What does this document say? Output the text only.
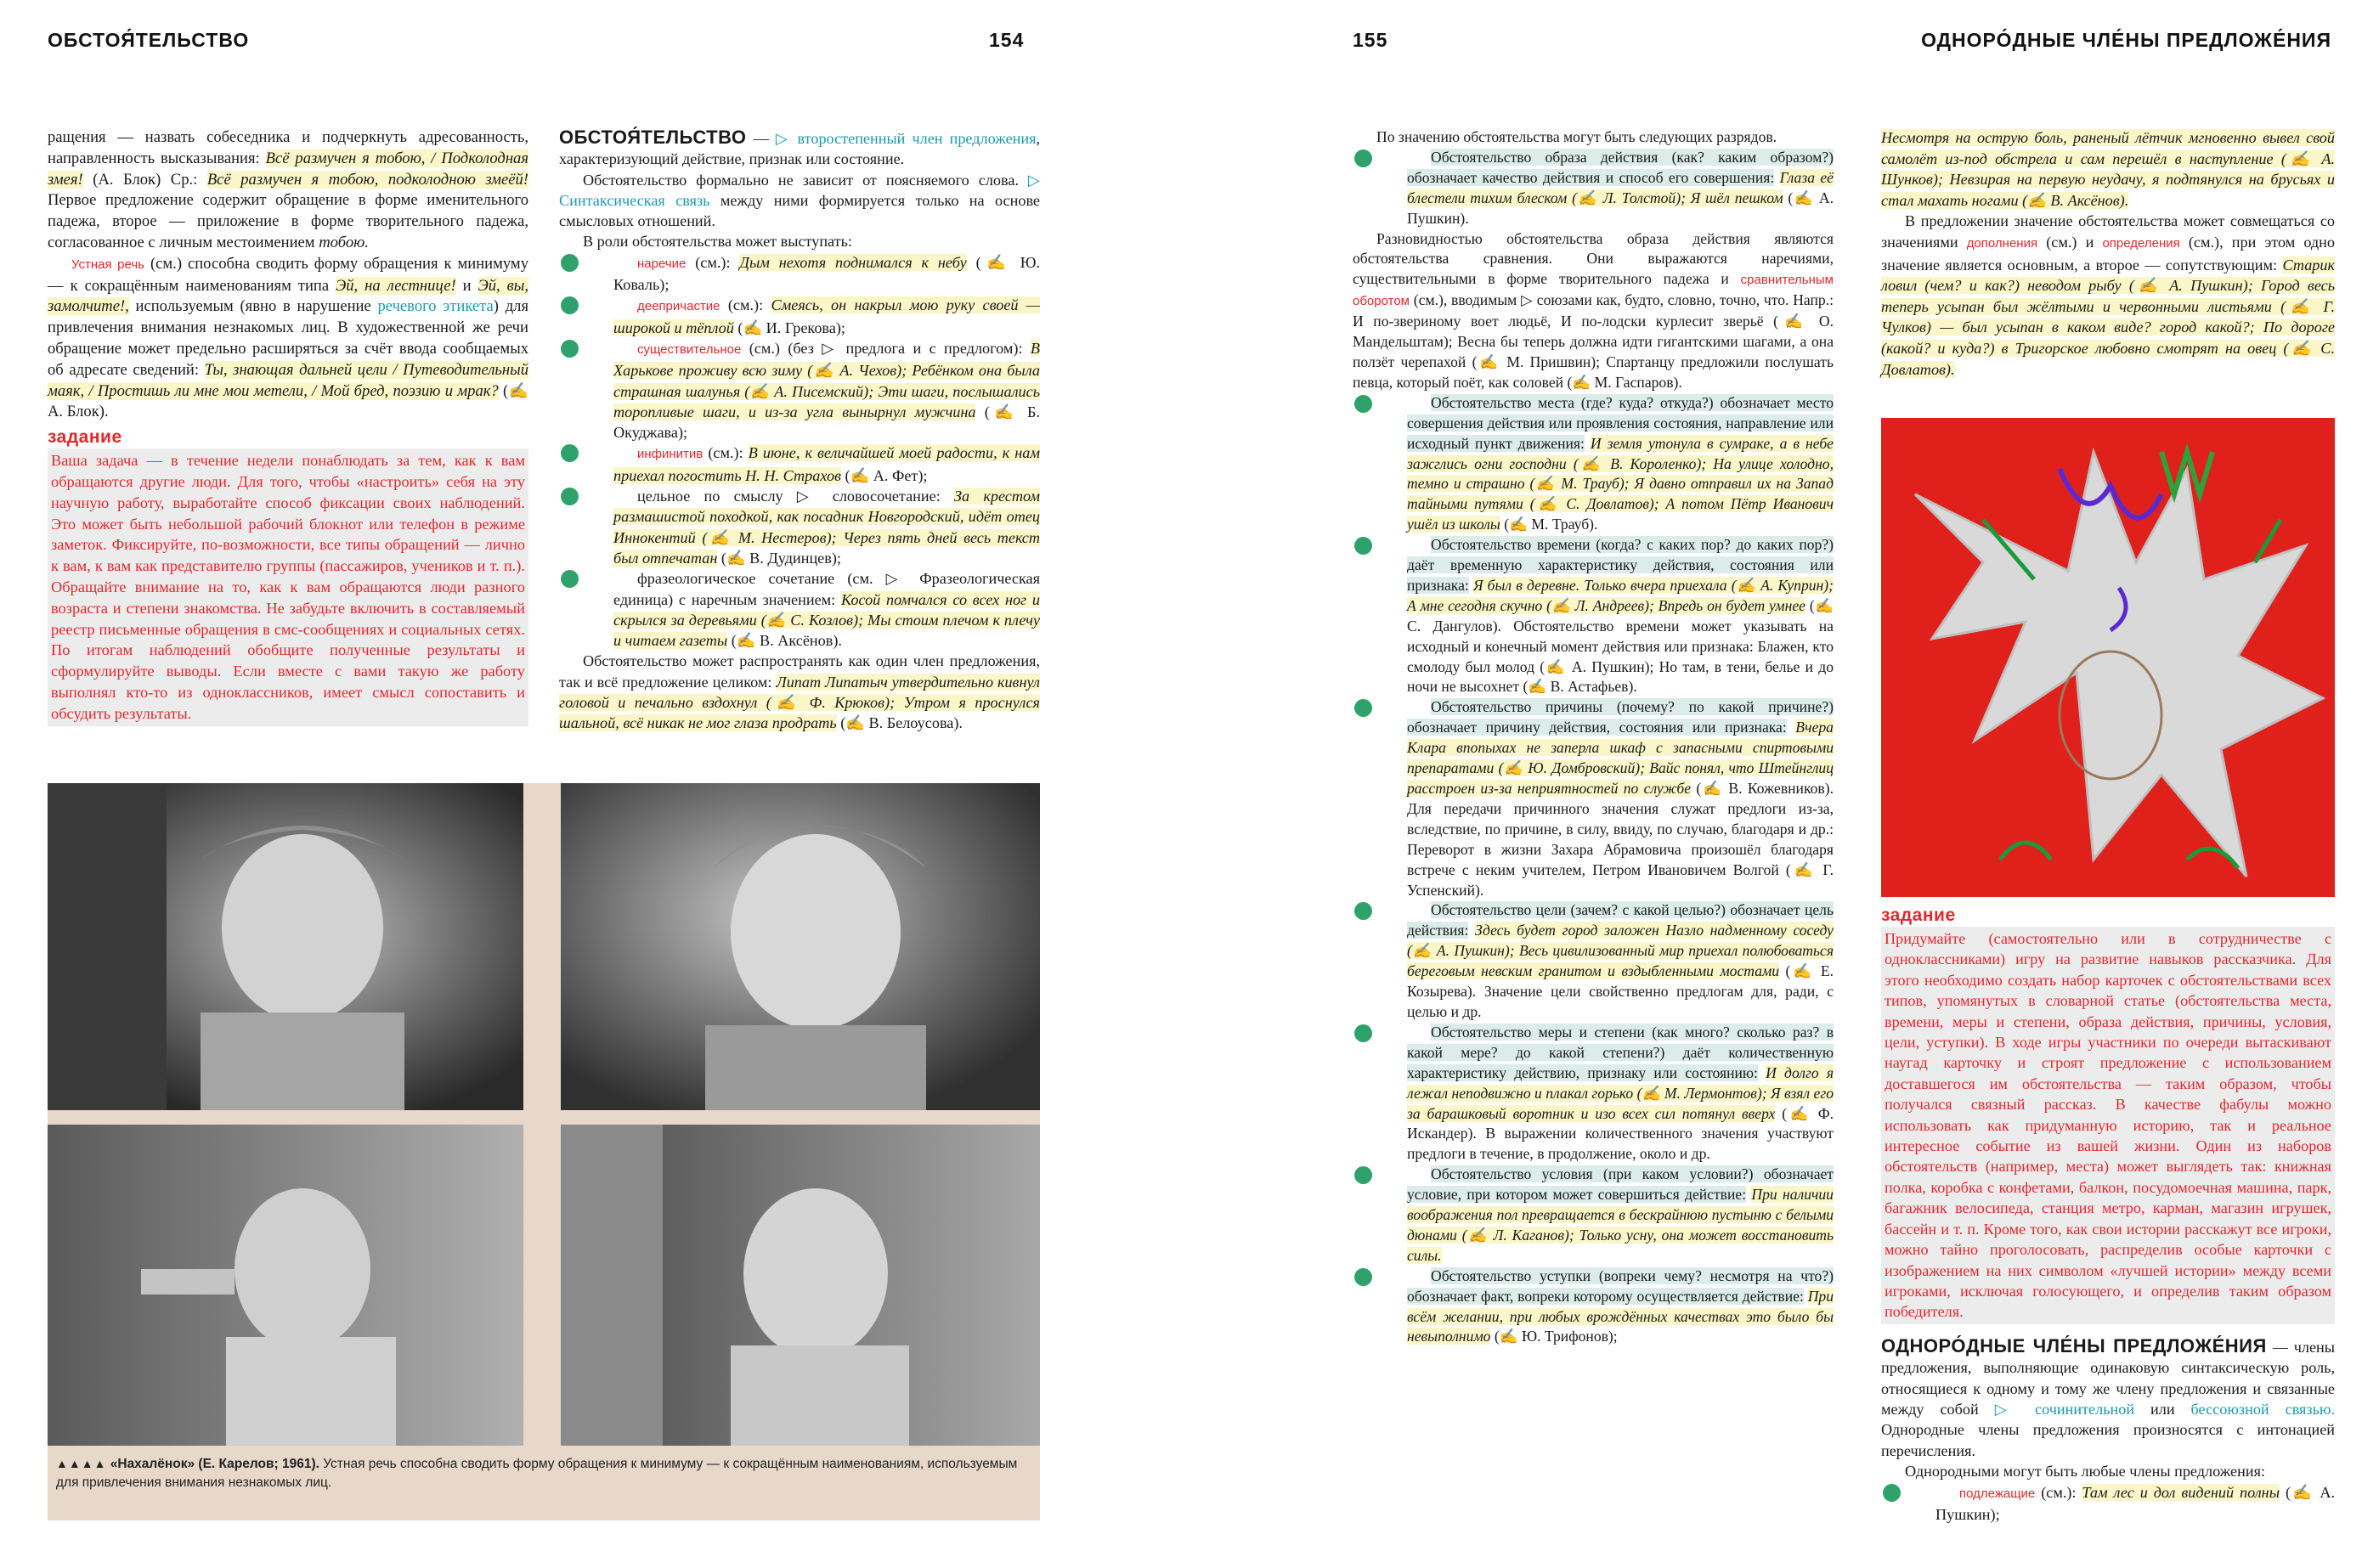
ОБСТОЯ́ТЕЛЬСТВО	154

ращения — назвать собеседника и подчеркнуть адресованность, направленность высказывания: Всё размучен я тобою, / Подколодная змея! (А. Блок) Ср.: Всё размучен я тобою, подколодною змеёй! Первое предложение содержит обращение в форме именительного падежа, второе — приложение в форме творительного падежа, согласованное с личным местоимением тобою.

Устная речь (см.) способна сводить форму обращения к минимуму — к сокращённым наименованиям типа Эй, на лестнице! и Эй, вы, замолчите!, используемым (явно в нарушение речевого этикета) для привлечения внимания незнакомых лиц. В художественной же речи обращение может предельно расширяться за счёт ввода сообщаемых об адресате сведений: Ты, знающая дальней цели / Путеводительный маяк, / Простишь ли мне мои метели, / Мой бред, поэзию и мрак? (✍ А. Блок).

задание

Ваша задача — в течение недели понаблюдать за тем, как к вам обращаются другие люди. Для того, чтобы «настроить» себя на эту научную работу, выработайте способ фиксации своих наблюдений. Это может быть небольшой рабочий блокнот или телефон в режиме заметок. Фиксируйте, по-возможности, все типы обращений — лично к вам, к вам как представителю группы (пассажиров, учеников и т. п.). Обращайте внимание на то, как к вам обращаются люди разного возраста и степени знакомства. Не забудьте включить в составляемый реестр письменные обращения в смс-сообщениях и социальных сетях. По итогам наблюдений обобщите полученные результаты и сформулируйте выводы. Если вместе с вами такую же работу выполнял кто-то из одноклассников, имеет смысл сопоставить и обсудить результаты.

ОБСТОЯ́ТЕЛЬСТВО — ▷ второстепенный член предложения, характеризующий действие, признак или состояние.

Обстоятельство формально не зависит от поясняемого слова. ▷ Синтаксическая связь между ними формируется только на основе смысловых отношений.

В роли обстоятельства может выступать:

1	наречие (см.): Дым нехотя поднимался к небу (✍ Ю. Коваль);

2	деепричастие (см.): Смеясь, он накрыл мою руку своей — широкой и тёплой (✍ И. Грекова);

3	существительное (см.) (без ▷ предлога и с предлогом): В Харькове проживу всю зиму (✍ А. Чехов); Ребёнком она была страшная шалунья (✍ А. Писемский); Эти шаги, послышались торопливые шаги, и из-за угла вынырнул мужчина (✍ Б. Окуджава);

4	инфинитив (см.): В июне, к величайшей моей радости, к нам приехал погостить Н. Н. Страхов (✍ А. Фет);

5	цельное по смыслу ▷ словосочетание: За крестом размашистой походкой, как посадник Новгородский, идёт отец Иннокентий (✍ М. Нестеров); Через пять дней весь текст был отпечатан (✍ В. Дудинцев);

6	фразеологическое сочетание (см. ▷ Фразеологическая единица) с наречным значением: Косой помчался со всех ног и скрылся за деревьями (✍ С. Козлов); Мы стоим плечом к плечу и читаем газеты (✍ В. Аксёнов).

Обстоятельство может распространять как один член предложения, так и всё предложение целиком: Липат Липатыч утвердительно кивнул головой и печально вздохнул (✍ Ф. Крюков); Утром я проснулся шальной, всё никак не мог глаза продрать (✍ В. Белоусова).

▲▲▲▲ «Нахалёнок» (Е. Карелов; 1961). Устная речь способна сводить форму обращения к минимуму — к сокращённым наименованиям, используемым для привлечения внимания незнакомых лиц.
155	ОДНОРО́ДНЫЕ ЧЛЕ́НЫ ПРЕДЛОЖЕ́НИЯ

По значению обстоятельства могут быть следующих разрядов.

1	Обстоятельство образа действия (как? каким образом?) обозначает качество действия и способ его совершения: Глаза её блестели тихим блеском (✍ Л. Толстой); Я шёл пешком (✍ А. Пушкин).

Разновидностью обстоятельства образа действия являются обстоятельства сравнения. Они выражаются наречиями, существительными в форме творительного падежа и сравнительным оборотом (см.), вводимым ▷ союзами как, будто, словно, точно, что. Напр.: И по-звериному воет людьё, И по-лодски курлесит зверьё (✍ О. Мандельштам); Весна бы теперь должна идти гигантскими шагами, а она ползёт черепахой (✍ М. Пришвин); Спартанцу предложили послушать певца, который поёт, как соловей (✍ М. Гаспаров).

2	Обстоятельство места (где? куда? откуда?) обозначает место совершения действия или проявления состояния, направление или исходный пункт движения: И земля утонула в сумраке, а в небе зажглись огни господни (✍ В. Короленко); На улице холодно, темно и страшно (✍ М. Трауб); Я давно отправил их на Запад тайными путями (✍ С. Довлатов); А потом Пётр Иванович ушёл из школы (✍ М. Трауб).

3	Обстоятельство времени (когда? с каких пор? до каких пор?) даёт временную характеристику действия, состояния или признака: Я был в деревне. Только вчера приехала (✍ А. Куприн); А мне сегодня скучно (✍ Л. Андреев); Впредь он будет умнее (✍ С. Дангулов). Обстоятельство времени может указывать на исходный и конечный момент действия или признака: Блажен, кто смолоду был молод (✍ А. Пушкин); Но там, в тени, белье и до ночи не высохнет (✍ В. Астафьев).

4	Обстоятельство причины (почему? по какой причине?) обозначает причину действия, состояния или признака: Вчера Клара впопыхах не заперла шкаф с запасными спиртовыми препаратами (✍ Ю. Домбровский); Вайс понял, что Штейнглиц расстроен из-за неприятностей по службе (✍ В. Кожевников). Для передачи причинного значения служат предлоги из-за, вследствие, по причине, в силу, ввиду, по случаю, благодаря и др.: Переворот в жизни Захара Абрамовича произошёл благодаря встрече с неким учителем, Петром Ивановичем Волгой (✍ Г. Успенский).

5	Обстоятельство цели (зачем? с какой целью?) обозначает цель действия: Здесь будет город заложен Назло надменному соседу (✍ А. Пушкин); Весь цивилизованный мир приехал полюбоваться береговым невским гранитом и вздыбленными мостами (✍ Е. Козырева). Значение цели свойственно предлогам для, ради, с целью и др.

6	Обстоятельство меры и степени (как много? сколько раз? в какой мере? до какой степени?) даёт количественную характеристику действию, признаку или состоянию: И долго я лежал неподвижно и плакал горько (✍ М. Лермонтов); Я взял его за барашковый воротник и изо всех сил потянул вверх (✍ Ф. Искандер). В выражении количественного значения участвуют предлоги в течение, в продолжение, около и др.

7	Обстоятельство условия (при каком условии?) обозначает условие, при котором может совершиться действие: При наличии воображения пол превращается в бескрайнюю пустыню с белыми дюнами (✍ Л. Каганов); Только усну, она может восстановить силы.

8	Обстоятельство уступки (вопреки чему? несмотря на что?) обозначает факт, вопреки которому осуществляется действие: При всём желании, при любых врождённых качествах это было бы невыполнимо (✍ Ю. Трифонов);

Несмотря на острую боль, раненый лётчик мгновенно вывел свой самолёт из-под обстрела и сам перешёл в наступление (✍ А. Шунков); Невзирая на первую неудачу, я подтянулся на брусьях и стал махать ногами (✍ В. Аксёнов).

В предложении значение обстоятельства может совмещаться со значениями дополнения (см.) и определения (см.), при этом одно значение является основным, а второе — сопутствующим: Старик ловил (чем? и как?) неводом рыбу (✍ А. Пушкин); Город весь теперь усыпан был жёлтыми и червонными листьями (✍ Г. Чулков) — был усыпан в каком виде? город какой?; По дороге (какой? и куда?) в Тригорское любовно смотрят на овец (✍ С. Довлатов).

задание

Придумайте (самостоятельно или в сотрудничестве с одноклассниками) игру на развитие навыков рассказчика. Для этого необходимо создать набор карточек с обстоятельствами всех типов, упомянутых в словарной статье (обстоятельства места, времени, меры и степени, образа действия, причины, условия, цели, уступки). В ходе игры участники по очереди вытаскивают наугад карточку и строят предложение с использованием доставшегося им обстоятельства — таким образом, чтобы получался связный рассказ. В качестве фабулы можно использовать как придуманную историю, так и реальное интересное событие из вашей жизни. Один из наборов обстоятельств (например, места) может выглядеть так: книжная полка, коробка с конфетами, балкон, посудомоечная машина, парк, багажник велосипеда, станция метро, карман, магазин игрушек, бассейн и т. п. Кроме того, как свои истории расскажут все игроки, можно тайно проголосовать, распределив особые карточки с изображением на них символом «лучшей истории» между всеми игроками, исключая голосующего, и определив таким образом победителя.

ОДНОРО́ДНЫЕ ЧЛЕ́НЫ ПРЕДЛОЖЕ́НИЯ — члены предложения, выполняющие одинаковую синтаксическую роль, относящиеся к одному и тому же члену предложения и связанные между собой ▷ сочинительной или бессоюзной связью. Однородные члены предложения произносятся с интонацией перечисления.

Однородными могут быть любые члены предложения:

1	подлежащие (см.): Там лес и дол видений полны (✍ А. Пушкин);
